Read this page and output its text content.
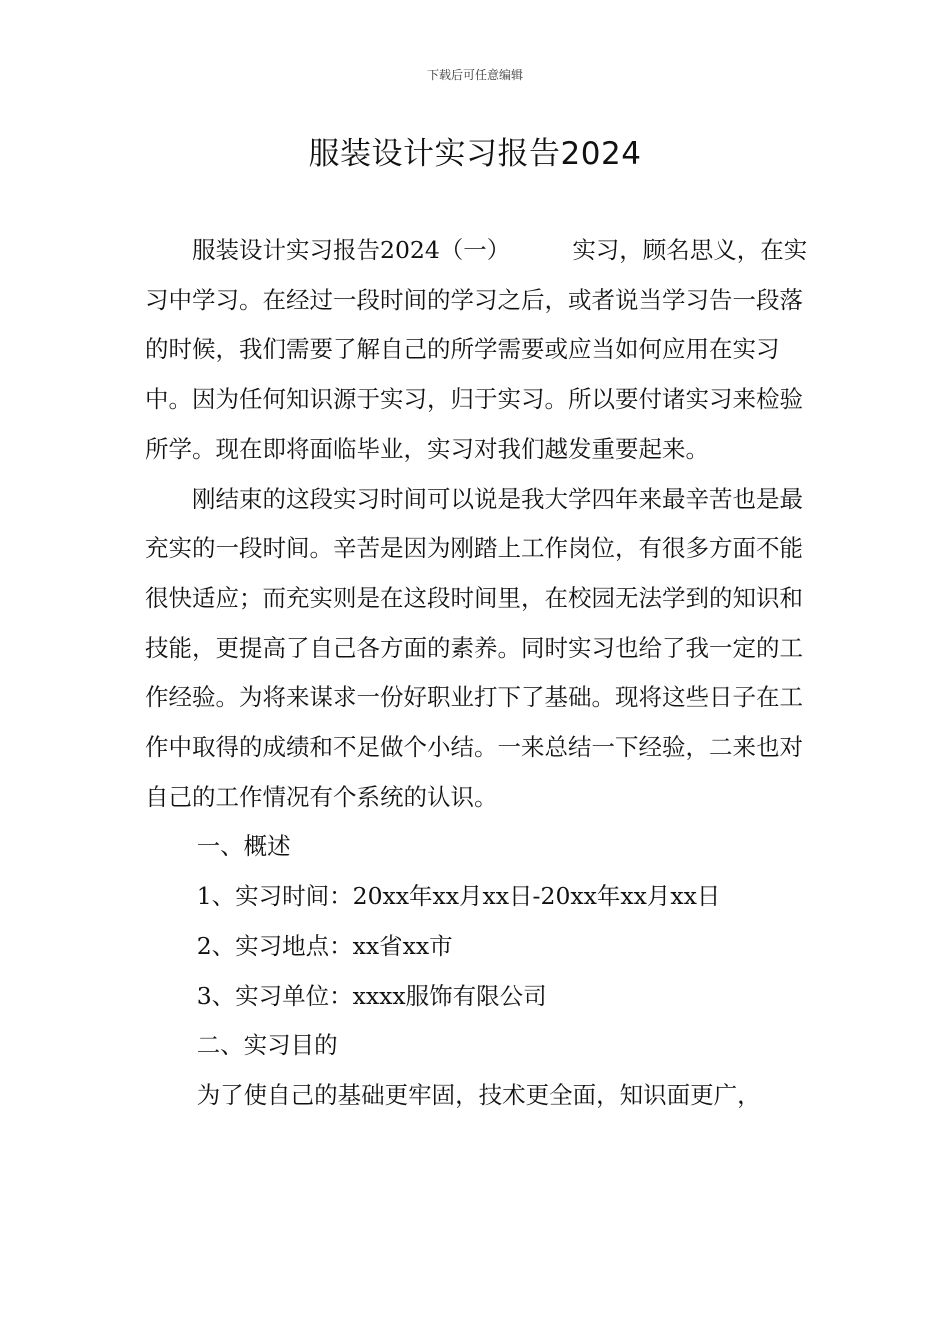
下载后可任意编辑
服装设计实习报告2024

服装设计实习报告2024（一）	实习，顾名思义，在实习中学习。在经过一段时间的学习之后，或者说当学习告一段落的时候，我们需要了解自己的所学需要或应当如何应用在实习中。因为任何知识源于实习，归于实习。所以要付诸实习来检验所学。现在即将面临毕业，实习对我们越发重要起来。

刚结束的这段实习时间可以说是我大学四年来最辛苦也是最充实的一段时间。辛苦是因为刚踏上工作岗位，有很多方面不能很快适应；而充实则是在这段时间里，在校园无法学到的知识和技能，更提高了自己各方面的素养。同时实习也给了我一定的工作经验。为将来谋求一份好职业打下了基础。现将这些日子在工作中取得的成绩和不足做个小结。一来总结一下经验，二来也对自己的工作情况有个系统的认识。

一、概述

1、实习时间：20xx年xx月xx日-20xx年xx月xx日

2、实习地点：xx省xx市

3、实习单位：xxxx服饰有限公司

二、实习目的

为了使自己的基础更牢固，技术更全面，知识面更广，
